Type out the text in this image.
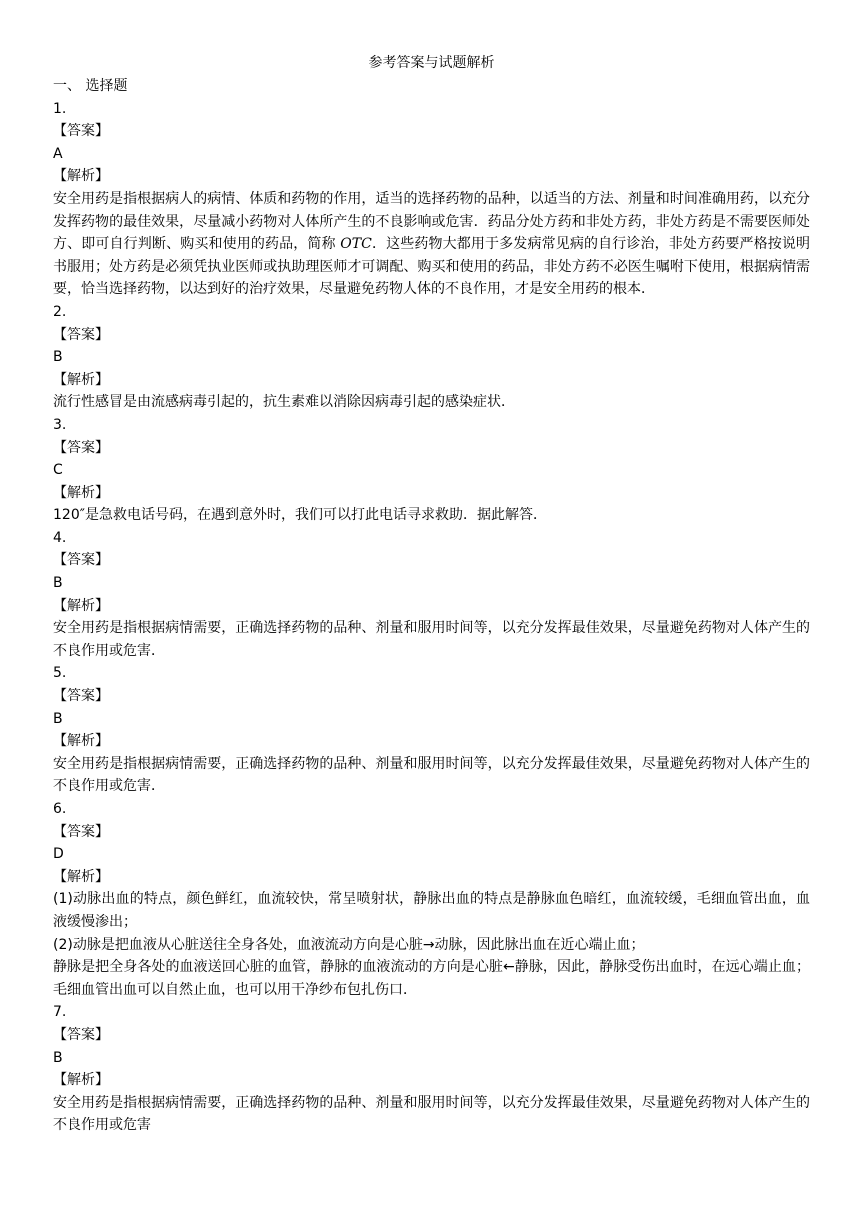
参考答案与试题解析
一、 选择题
1.
【答案】
A
【解析】
安全用药是指根据病人的病情、体质和药物的作用，适当的选择药物的品种，以适当的方法、剂量和时间准确用药，以充分发挥药物的最佳效果，尽量减小药物对人体所产生的不良影响或危害．药品分处方药和非处方药，非处方药是不需要医师处方、即可自行判断、购买和使用的药品，简称 OTC．这些药物大都用于多发病常见病的自行诊治，非处方药要严格按说明书服用；处方药是必须凭执业医师或执助理医师才可调配、购买和使用的药品，非处方药不必医生嘱咐下使用，根据病情需要，恰当选择药物，以达到好的治疗效果，尽量避免药物人体的不良作用，才是安全用药的根本．
2.
【答案】
B
【解析】
流行性感冒是由流感病毒引起的，抗生素难以消除因病毒引起的感染症状．
3.
【答案】
C
【解析】
120″是急救电话号码，在遇到意外时，我们可以打此电话寻求救助．据此解答．
4.
【答案】
B
【解析】
安全用药是指根据病情需要，正确选择药物的品种、剂量和服用时间等，以充分发挥最佳效果，尽量避免药物对人体产生的不良作用或危害．
5.
【答案】
B
【解析】
安全用药是指根据病情需要，正确选择药物的品种、剂量和服用时间等，以充分发挥最佳效果，尽量避免药物对人体产生的不良作用或危害．
6.
【答案】
D
【解析】
(1)动脉出血的特点，颜色鲜红，血流较快，常呈喷射状，静脉出血的特点是静脉血色暗红，血流较缓，毛细血管出血，血液缓慢渗出；
(2)动脉是把血液从心脏送往全身各处，血液流动方向是心脏→动脉，因此脉出血在近心端止血；
静脉是把全身各处的血液送回心脏的血管，静脉的血液流动的方向是心脏←静脉，因此，静脉受伤出血时，在远心端止血；毛细血管出血可以自然止血，也可以用干净纱布包扎伤口．
7.
【答案】
B
【解析】
安全用药是指根据病情需要，正确选择药物的品种、剂量和服用时间等，以充分发挥最佳效果，尽量避免药物对人体产生的不良作用或危害
